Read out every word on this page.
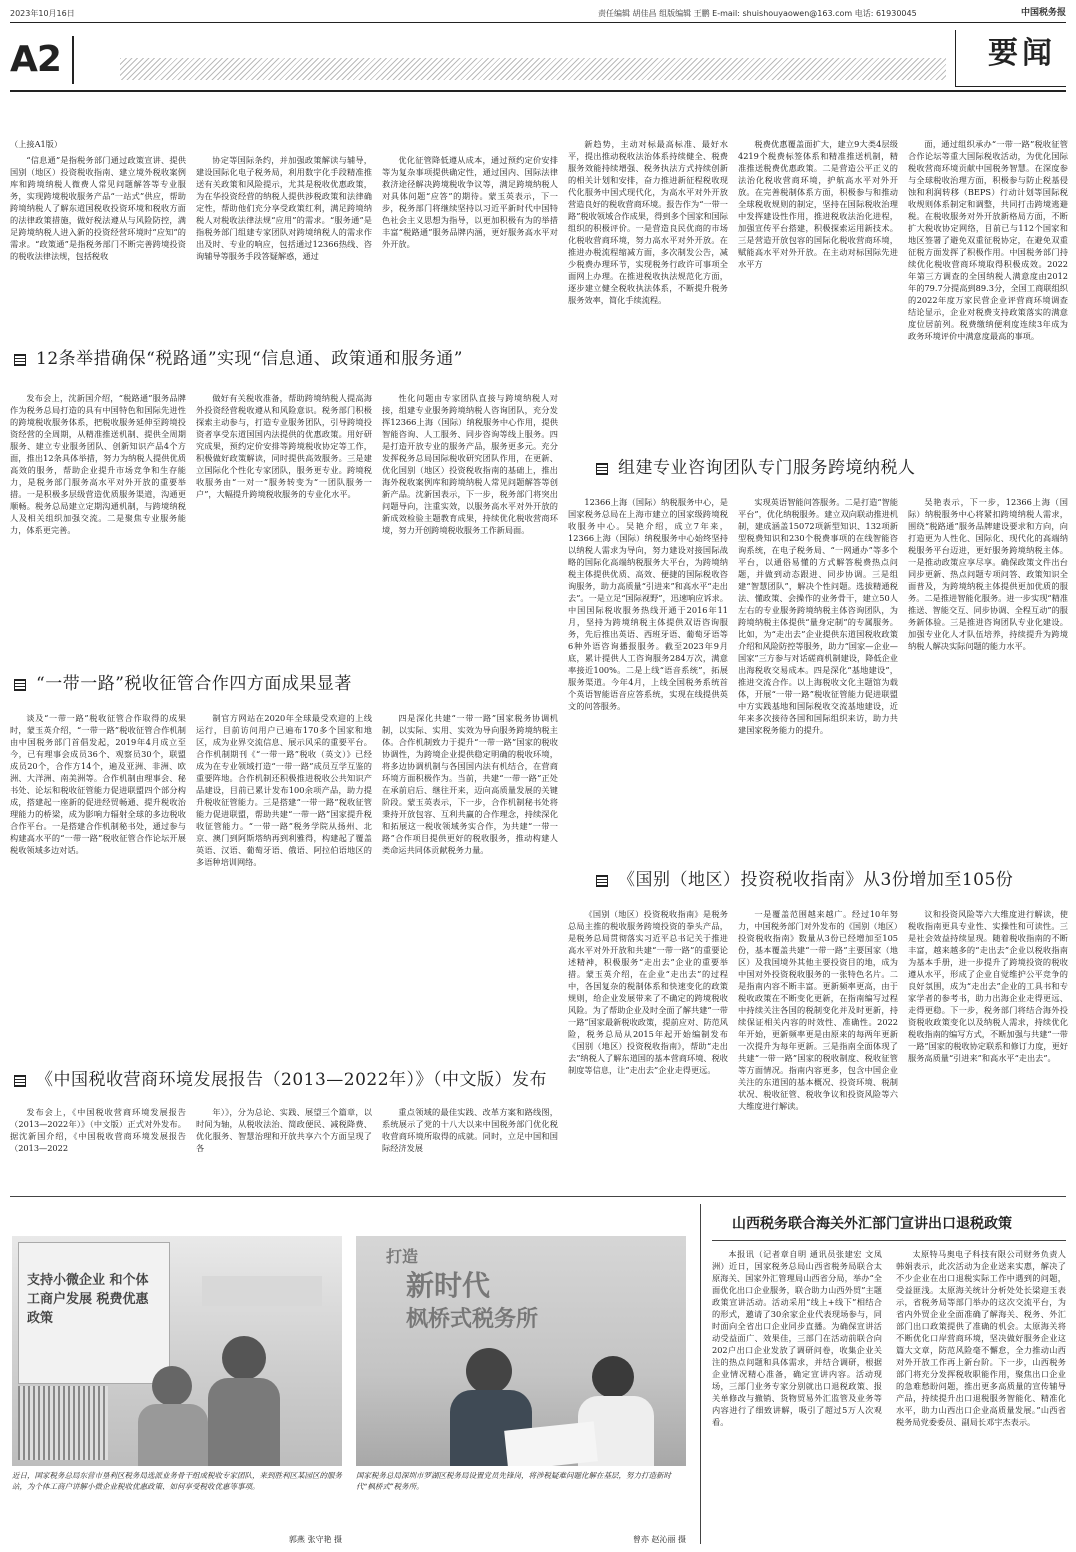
2023年10月16日	责任编辑 胡佳昌 组版编辑 王鹏 E-mail: shuishouyaowen@163.com 电话: 61930045	中国税务报
A2	要闻

（上接A1版）

“信息通”是指税务部门通过政策宣讲、提供国别（地区）投资税收指南、建立境外税收案例库和跨境纳税人微费人常见问题解答等专业服务，实现跨境税收服务产品“一站式”供应，帮助跨境纳税人了解东道国税收投资环境和税收方面的法律政策措施，做好税法遵从与风险防控，满足跨境纳税人进入新的投资经营环境时“应知”的需求。“政策通”是指税务部门不断完善跨境投资的税收法律法规，包括税收

协定等国际条约，并加强政策解读与辅导，建设国际化电子税务局，利用数字化手段精准推送有关政策和风险提示，尤其是税收优惠政策，为在华投资经营的纳税人提供涉税政策和法律确定性，帮助他们充分享受政策红利，满足跨境纳税人对税收法律法规“应用”的需求。“服务通”是指税务部门组建专家团队对跨境纳税人的需求作出及时、专业的响应，包括通过12366热线、咨询辅导等服务手段答疑解惑，通过

优化征管降低遵从成本，通过预约定价安排等为复杂事项提供确定性，通过国内、国际法律救济途径解决跨境税收争议等，满足跨境纳税人对具体问题“应答”的期待。蒙玉英表示，下一步，税务部门将继续坚持以习近平新时代中国特色社会主义思想为指导，以更加积极有为的举措丰富“税路通”服务品牌内涵，更好服务高水平对外开放。

12条举措确保“税路通”实现“信息通、政策通和服务通”

发布会上，沈新国介绍，“税路通”服务品牌作为税务总局打造的具有中国特色和国际先进性的跨境税收服务体系，把税收服务延伸至跨境投资经营的全周期，从精准推送机制、提供全周期服务、建立专业服务团队、创新知识产品4个方面，推出12条具体举措，努力为纳税人提供优质高效的服务，帮助企业提升市场竞争和生存能力，是税务部门服务高水平对外开放的重要举措。一是积极多层级营造优质服务渠道，沟通更顺畅。税务总局建立定期沟通机制，与跨境纳税人及相关组织加强交流。二是聚焦专业服务能力，体系更完善。

做好有关税收准备，帮助跨境纳税人提高海外投资经营税收遵从和风险意识。税务部门积极探索主动参与，打造专业服务团队，引导跨境投资者享受东道国国内法提供的优惠政策。用好研究成果，预约定价安排等跨境税收协定等工作，积极做好政策解读，同时提供高效服务。三是建立国际化个性化专家团队，服务更专业。跨境税收服务由“一对一”服务转变为“一团队服务一户”，大幅提升跨境税收服务的专业化水平。

性化问题由专家团队直接与跨境纳税人对接，组建专业服务跨境纳税人咨询团队，充分发挥12366上海（国际）纳税服务中心作用，提供智能咨询、人工服务、同步咨询等线上服务。四是打造开放专业的服务产品，服务更多元。充分发挥税务总局国际税收研究团队作用，在更新、优化国别（地区）投资税收指南的基础上，推出海外税收案例库和跨境纳税人常见问题解答等创新产品。沈新国表示，下一步，税务部门将突出问题导向，注重实效，以服务高水平对外开放的新成效检验主题教育成果，持续优化税收营商环境，努力开创跨境税收服务工作新局面。

“一带一路”税收征管合作四方面成果显著

谈及“一带一路”税收征管合作取得的成果时，蒙玉英介绍，“一带一路”税收征管合作机制由中国税务部门首倡发起，2019年4月成立至今，已有理事会成员36个、观察员30个，联盟成员20个，合作方14个，遍及亚洲、非洲、欧洲、大洋洲、南美洲等。合作机制由理事会、秘书处、论坛和税收征管能力促进联盟四个部分构成，搭建起一座新的促进经贸畅通、提升税收治理能力的桥梁，成为影响力辐射全球的多边税收合作平台。一是搭建合作机制秘书处，通过参与构建高水平的“一带一路”税收征管合作论坛开展税收领域多边对话。

制官方网站在2020年全球最受欢迎的上线运行，目前访问用户已遍布170多个国家和地区，成为业界交流信息、展示风采的重要平台。合作机制期刊《“一带一路”税收（英文）》已经成为在专业领域打造“一带一路”成员互学互鉴的重要阵地。合作机制还积极推进税收公共知识产品建设，目前已累计发布100余项产品，助力提升税收征管能力。三是搭建“一带一路”税收征管能力促进联盟，帮助共建“一带一路”国家提升税收征管能力。“一带一路”税务学院从扬州、北京、澳门到阿斯塔纳再到利雅得，构建起了覆盖英语、汉语、葡萄牙语、俄语、阿拉伯语地区的多语种培训网络。

四是深化共建“一带一路”国家税务协调机制，以实际、实用、实效为导向服务跨境纳税主体。合作机制致力于提升“一带一路”国家的税收协调性，为跨境企业提供稳定明确的税收环境，将多边协调机制与各国国内法有机结合，在营商环境方面积极作为。当前，共建“一带一路”正处在承前启后、继往开来，迈向高质量发展的关键阶段。蒙玉英表示，下一步，合作机制秘书处将秉持开放包容、互利共赢的合作理念，持续深化和拓展这一税收领域务实合作，为共建“一带一路”合作项目提供更好的税收服务，推动构建人类命运共同体贡献税务力量。

《中国税收营商环境发展报告（2013—2022年）》（中文版）发布

发布会上，《中国税收营商环境发展报告（2013—2022年）》（中文版）正式对外发布。据沈新国介绍，《中国税收营商环境发展报告（2013—2022

年）》，分为总论、实践、展望三个篇章，以时间为轴，从税收法治、简政便民、减税降费、优化服务、智慧治理和开放共享六个方面呈现了各

重点领域的最佳实践、改革方案和路线图，系统展示了党的十八大以来中国税务部门优化税收营商环境所取得的成就。同时，立足中国和国际经济发展

新趋势，主动对标最高标准、最好水平，提出推动税收法治体系持续健全、税费服务效能持续增强、税务执法方式持续创新的相关计划和安排，奋力推进新征程税收现代化服务中国式现代化，为高水平对外开放营造良好的税收营商环境。报告作为“一带一路”税收领域合作成果，得到多个国家和国际组织的积极评价。一是营造良民优商的市场化税收营商环境，努力高水平对外开放。在推进办税流程缩减方面，多次制发公告，减少税费办理环节，实现税务行政许可事项全面网上办理。在推进税收执法规范化方面，逐步建立健全税收执法体系，不断提升税务服务效率，简化手续流程。

税费优惠覆盖面扩大，建立9大类4层级4219个税费标签体系和精准推送机制，精准推送税费优惠政策。二是营造公平正义的法治化税收营商环境，护航高水平对外开放。在完善税制体系方面，积极参与和推动全球税收规则的制定，坚持在国际税收治理中发挥建设性作用，推进税收法治化进程，加强宣传平台搭建，积极探索运用新技术。三是营造开放包容的国际化税收营商环境，赋能高水平对外开放。在主动对标国际先进水平方

面，通过组织承办“一带一路”税收征管合作论坛等重大国际税收活动，为优化国际税收营商环境贡献中国税务智慧。在深度参与全球税收治理方面，积极参与防止税基侵蚀和利润转移（BEPS）行动计划等国际税收规则体系制定和调整，共同打击跨境逃避税。在税收服务对外开放新格局方面，不断扩大税收协定网络，目前已与112个国家和地区签署了避免双重征税协定，在避免双重征税方面发挥了积极作用。中国税务部门持续优化税收营商环境取得积极成效。2022年第三方调查的全国纳税人满意度由2012年的79.7分提高到89.3分，全国工商联组织的2022年度万家民营企业评营商环境调查结论显示，企业对税费支持政策落实的满意度位居前列。税费缴纳便利度连续3年成为政务环境评价中满意度最高的事项。

组建专业咨询团队专门服务跨境纳税人

12366上海（国际）纳税服务中心，是国家税务总局在上海市建立的国家级跨境税收服务中心。吴艳介绍，成立7年来，12366上海（国际）纳税服务中心始终坚持以纳税人需求为导向，努力建设对接国际战略的国际化高端纳税服务大平台，为跨境纳税主体提供优质、高效、便捷的国际税收咨询服务，助力高质量“引进来”和高水平“走出去”。一是立足“国际视野”，迅速响应诉求。中国国际税收服务热线开通于2016年11月，坚持为跨境纳税主体提供双语咨询服务，先后推出英语、西班牙语、葡萄牙语等6种外语咨询播报服务。截至2023年9月底，累计提供人工咨询服务284万次，满意率接近100%。二是上线“语音系统”，拓展服务渠道。今年4月，上线全国税务系统首个英语智能语音应答系统，实现在线提供英文的问答服务。

实现英语智能问答服务。二是打造“智能平台”，优化纳税服务。建立双向联动推进机制，建成涵盖15072项新型知识、132项新型税费知识和230个税费事项的在线智能咨询系统，在电子税务局、“一网通办”等多个平台，以通俗易懂的方式解答税费热点问题，并做到动态跟进、同步协调。三是组建“智慧团队”，解决个性问题。选拔精通税法、懂政策、会操作的业务骨干，建立50人左右的专业服务跨境纳税主体咨询团队，为跨境纳税主体提供“量身定制”的专属服务。比如，为“走出去”企业提供东道国税收政策介绍和风险防控等服务，助力“国家—企业—国家”三方参与对话磋商机制建设，降低企业出海税收交易成本。四是深化“基地建设”，推进交流合作。以上海税收文化主题馆为载体，开展“一带一路”税收征管能力促进联盟中方实践基地和国际税收交流基地建设，近年来多次接待各国和国际组织来访，助力共建国家税务能力的提升。

吴艳表示，下一步，12366上海（国际）纳税服务中心将紧扣跨境纳税人需求，围绕“税路通”服务品牌建设要求和方向，向打造更为人性化、国际化、现代化的高端纳税服务平台迈进，更好服务跨境纳税主体。一是推动政策应享尽享。确保政策文件出台同步更新、热点问题专项问答、政策知识全面普及，为跨境纳税主体提供更加优质的服务。二是推进智能化服务。进一步实现“精准推送、智能交互、同步协调、全程互动”的服务新体验。三是推进咨询团队专业化建设。加强专业化人才队伍培养，持续提升为跨境纳税人解决实际问题的能力水平。

《国别（地区）投资税收指南》从3份增加至105份

《国别（地区）投资税收指南》是税务总局主推的税收服务跨境投资的拳头产品，是税务总局贯彻落实习近平总书记关于推进高水平对外开放和共建“一带一路”的重要论述精神，积极服务“走出去”企业的重要举措。蒙玉英介绍，在企业“走出去”的过程中，各国复杂的税制体系和快速变化的政策规则，给企业发展带来了不确定的跨境税收风险。为了帮助企业及时全面了解共建“一带一路”国家最新税收政策，提前应对、防范风险，税务总局从2015年起开始编制发布《国别（地区）投资税收指南》，帮助“走出去”纳税人了解东道国的基本营商环境、税收制度等信息，让“走出去”企业走得更远。

一是覆盖范围越来越广。经过10年努力，中国税务部门对外发布的《国别（地区）投资税收指南》数量从3份已经增加至105份，基本覆盖共建“一带一路”主要国家（地区）及我国境外其他主要投资目的地，成为中国对外投资税收服务的一张特色名片。二是指南内容不断丰富。更新频率更高，由于税收政策在不断变化更新，在指南编写过程中持续关注各国的税制变化并及时更新，持续保证相关内容的时效性、准确性。2022年开始，更新频率更是由原来的每两年更新一次提升为每年更新。三是指南全面体现了共建“一带一路”国家的税收制度、税收征管等方面情况。指南内容更多，包含中国企业关注的东道国的基本概况、投资环境、税制状况、税收征管、税收争议和投资风险等六大维度进行解读。

议和投资风险等六大维度进行解读，使税收指南更具专业性、实操性和可读性。三是社会效益持续显现。随着税收指南的不断丰富，越来越多的“走出去”企业以税收指南为基本手册，进一步提升了跨境投资的税收遵从水平，形成了企业自觉维护公平竞争的良好氛围，成为“走出去”企业的工具书和专家学者的参考书，助力出海企业走得更远、走得更稳。下一步，税务部门将结合海外投资税收政策变化以及纳税人需求，持续优化税收指南的编写方式，不断加强与共建“一带一路”国家的税收协定联系和修订力度，更好服务高质量“引进来”和高水平“走出去”。

支持小微企业 和个体工商户发展 税费优惠政策
近日，国家税务总局东营市垦利区税务局选派业务骨干组成税收专家团队，来到胜利区某园区的服务站，为个体工商户讲解小微企业税收优惠政策、如何享受税收优惠等事项。
郭燕 张守艳 摄
打造
新时代
枫桥式税务所
国家税务总局深圳市罗湖区税务局设置党员先锋岗，将涉税疑难问题化解在基层，努力打造新时代“枫桥式”税务所。
曾亦 赵沁丽 摄
山西税务联合海关外汇部门宣讲出口退税政策

本报讯（记者章自明 通讯员张建宏 文凤洲）近日，国家税务总局山西省税务局联合太原海关、国家外汇管理局山西省分局，举办“全面优化出口企业服务，联合助力山西外贸”主题政策宣讲活动。活动采用“线上+线下”相结合的形式，邀请了30余家企业代表现场参与，同时面向全省出口企业同步直播。为确保宣讲活动受益面广、效果佳，三部门在活动前联合向202户出口企业发放了调研问卷，收集企业关注的热点问题和具体需求，并结合调研，根据企业情况精心准备，确定宣讲内容。活动现场，三部门业务专家分别就出口退税政策、报关单修改与撤销、货物贸易外汇监管及业务等内容进行了细致讲解，吸引了超过5万人次观看。

太原特马奥电子科技有限公司财务负责人韩娟表示，此次活动为企业送来实惠，解决了不少企业在出口退税实际工作中遇到的问题，受益匪浅。太原海关统计分析处处长梁迎玉表示，省税务局等部门举办的这次交流平台，为省内外贸企业全面准确了解海关、税务、外汇部门出口政策提供了准确的机会。太原海关将不断优化口岸营商环境，坚决做好服务企业这篇大文章，防范风险毫不懈怠，全力推动山西对外开放工作再上新台阶。下一步，山西税务部门将充分发挥税收职能作用，聚焦出口企业的急难愁盼问题，推出更多高质量的宣传辅导产品，持续提升出口退税服务智能化、精准化水平，助力山西出口企业高质量发展。”山西省税务局党委委员、副局长邓宇杰表示。
